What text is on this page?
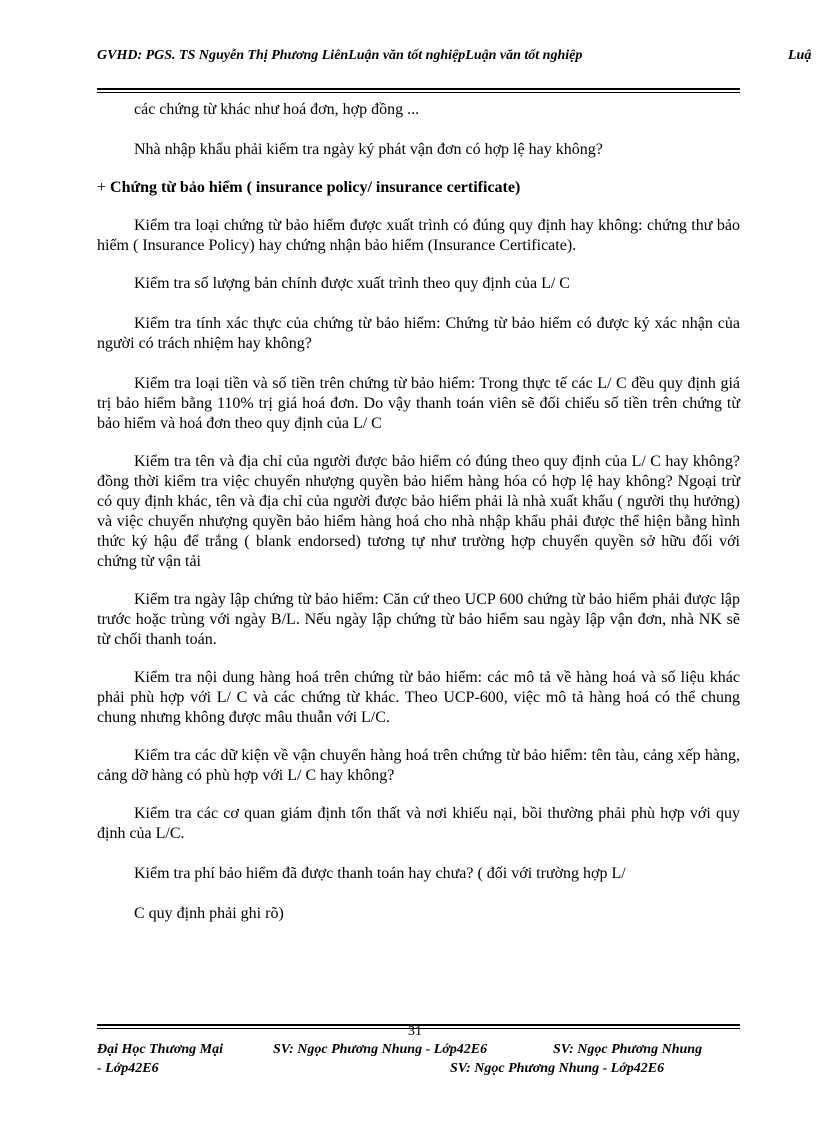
GVHD: PGS. TS Nguyễn Thị Phương LiênLuận văn tốt nghiệpLuận văn tốt nghiệp	Luậ

các chứng từ khác như hoá đơn, hợp đồng ...

Nhà nhập khẩu phải kiểm tra ngày ký phát vận đơn có hợp lệ hay không?

+ Chứng từ bảo hiểm ( insurance policy/ insurance certificate)

Kiểm tra loại chứng từ bảo hiểm được xuất trình có đúng quy định hay không: chứng thư bảo hiểm ( Insurance Policy) hay chứng nhận bảo hiểm (Insurance Certificate).

Kiểm tra số lượng bản chính được xuất trình theo quy định của L/ C

Kiểm tra tính xác thực của chứng từ bảo hiểm: Chứng từ bảo hiểm có được ký xác nhận của người có trách nhiệm hay không?

Kiểm tra loại tiền và số tiền trên chứng từ bảo hiểm: Trong thực tế các L/ C đều quy định giá trị bảo hiểm bằng 110% trị giá hoá đơn. Do vậy thanh toán viên sẽ đối chiếu số tiền trên chứng từ bảo hiểm và hoá đơn theo quy định của L/ C

Kiểm tra tên và địa chỉ của người được bảo hiểm có đúng theo quy định của L/ C hay không? đồng thời kiểm tra việc chuyển nhượng quyền bảo hiểm hàng hóa có hợp lệ hay không? Ngoại trừ có quy định khác, tên và địa chỉ của người được bảo hiểm phải là nhà xuất khẩu ( người thụ hưởng) và việc chuyển nhượng quyền bảo hiểm hàng hoá cho nhà nhập khẩu phải được thể hiện bằng hình thức ký hậu để trắng ( blank endorsed) tương tự như trường hợp chuyển quyền sở hữu đối với chứng từ vận tải

Kiểm tra ngày lập chứng từ bảo hiểm: Căn cứ theo UCP 600 chứng từ bảo hiểm phải được lập trước hoặc trùng với ngày B/L. Nếu ngày lập chứng từ bảo hiểm sau ngày lập vận đơn, nhà NK sẽ từ chối thanh toán.

Kiểm tra nội dung hàng hoá trên chứng từ bảo hiểm: các mô tả về hàng hoá và số liệu khác phải phù hợp với L/ C và các chứng từ khác. Theo UCP-600, việc mô tả hàng hoá có thể chung chung nhưng không được mâu thuẫn với L/C.

Kiểm tra các dữ kiện về vận chuyển hàng hoá trên chứng từ bảo hiểm: tên tàu, cảng xếp hàng, cảng dỡ hàng có phù hợp với L/ C hay không?

Kiểm tra các cơ quan giám định tổn thất và nơi khiếu nại, bồi thường phải phù hợp với quy định của L/C.

Kiểm tra phí bảo hiểm đã được thanh toán hay chưa? ( đối với trường hợp L/

C quy định phải ghi rõ)

31
Đại Học Thương Mại	SV: Ngọc Phương Nhung - Lớp42E6	SV: Ngọc Phương Nhung
- Lớp42E6	SV: Ngọc Phương Nhung - Lớp42E6
